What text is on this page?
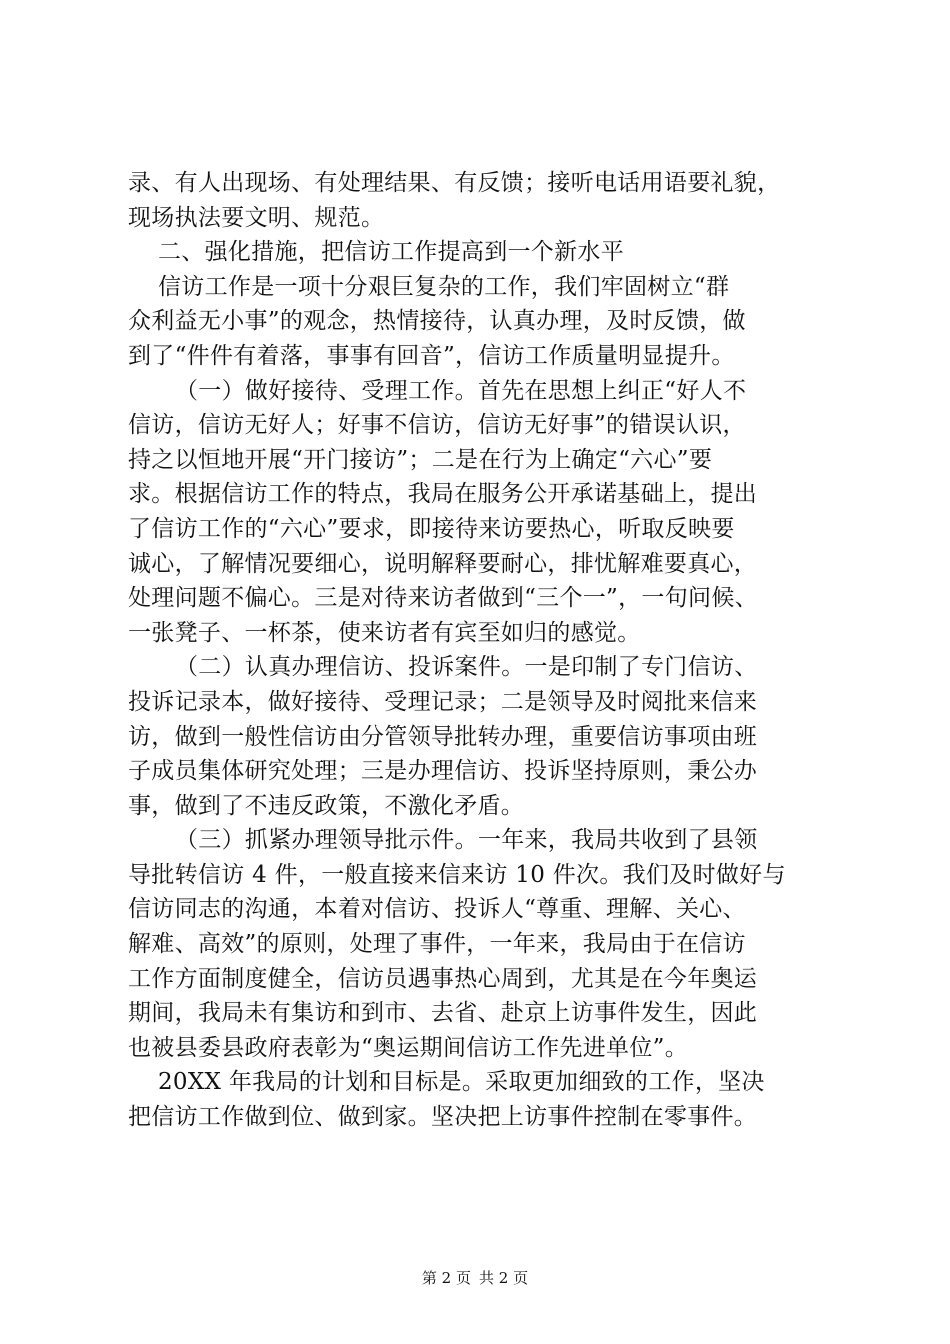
录、有人出现场、有处理结果、有反馈；接听电话用语要礼貌，
现场执法要文明、规范。
二、强化措施，把信访工作提高到一个新水平
信访工作是一项十分艰巨复杂的工作，我们牢固树立“群
众利益无小事”的观念，热情接待，认真办理，及时反馈，做
到了“件件有着落，事事有回音”，信访工作质量明显提升。
（一）做好接待、受理工作。首先在思想上纠正“好人不
信访，信访无好人；好事不信访，信访无好事”的错误认识，
持之以恒地开展“开门接访”；二是在行为上确定“六心”要
求。根据信访工作的特点，我局在服务公开承诺基础上，提出
了信访工作的“六心”要求，即接待来访要热心，听取反映要
诚心，了解情况要细心，说明解释要耐心，排忧解难要真心，
处理问题不偏心。三是对待来访者做到“三个一”，一句问候、
一张凳子、一杯茶，使来访者有宾至如归的感觉。
（二）认真办理信访、投诉案件。一是印制了专门信访、
投诉记录本，做好接待、受理记录；二是领导及时阅批来信来
访，做到一般性信访由分管领导批转办理，重要信访事项由班
子成员集体研究处理；三是办理信访、投诉坚持原则，秉公办
事，做到了不违反政策，不激化矛盾。
（三）抓紧办理领导批示件。一年来，我局共收到了县领
导批转信访 4 件，一般直接来信来访 10 件次。我们及时做好与
信访同志的沟通，本着对信访、投诉人“尊重、理解、关心、
解难、高效”的原则，处理了事件，一年来，我局由于在信访
工作方面制度健全，信访员遇事热心周到，尤其是在今年奥运
期间，我局未有集访和到市、去省、赴京上访事件发生，因此
也被县委县政府表彰为“奥运期间信访工作先进单位”。
20XX 年我局的计划和目标是。采取更加细致的工作，坚决
把信访工作做到位、做到家。坚决把上访事件控制在零事件。
第 2 页 共 2 页
